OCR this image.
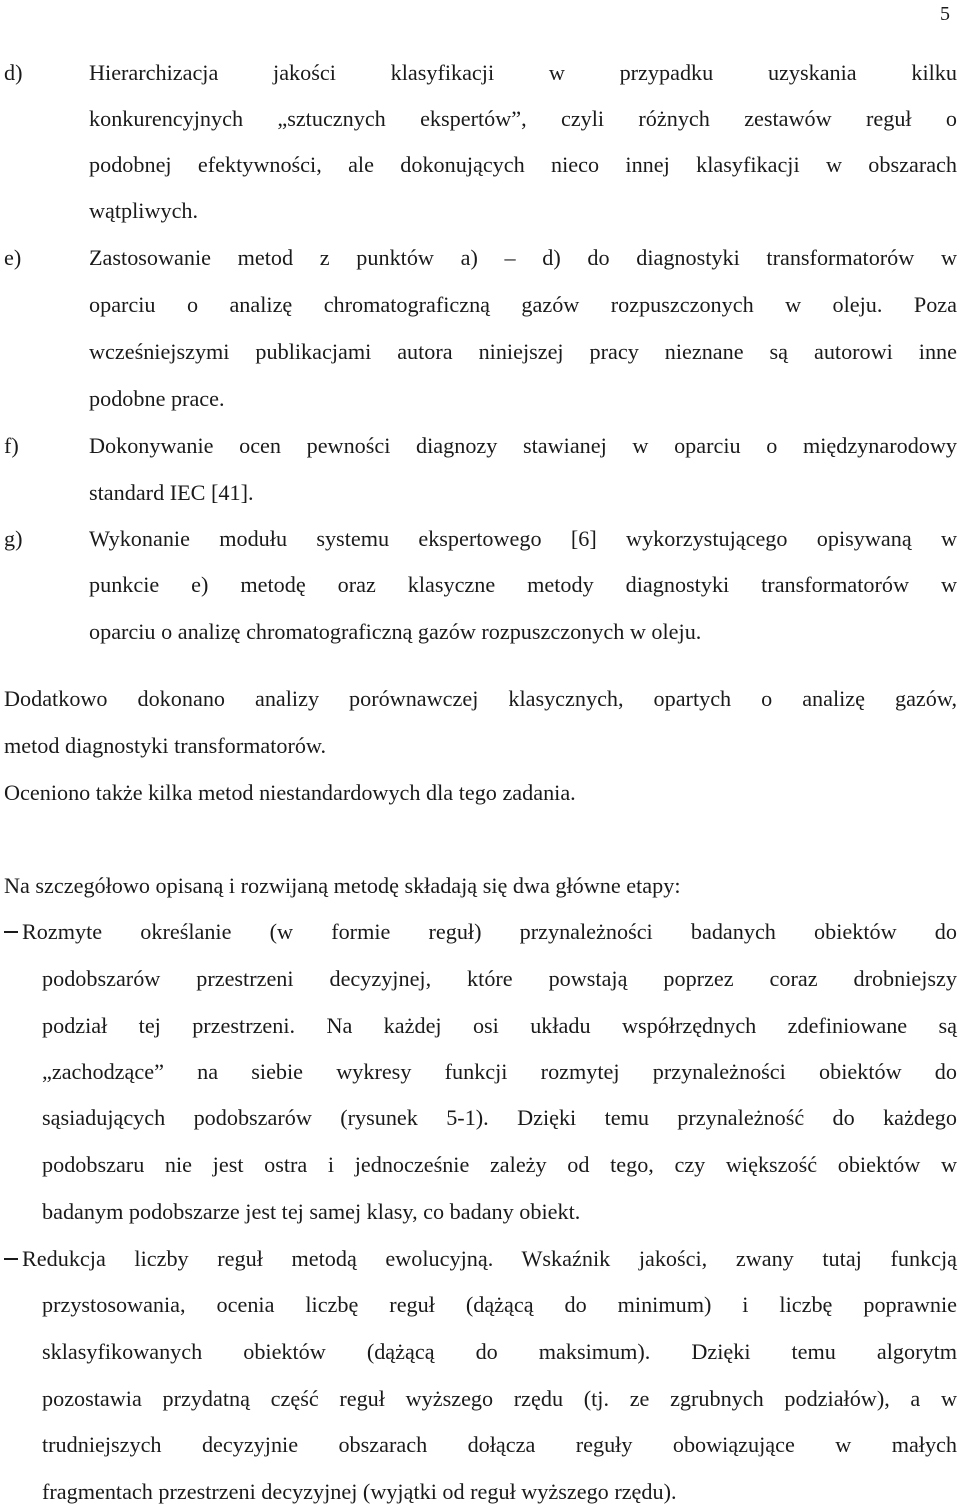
5
d)	Hierarchizacja jakości klasyfikacji w przypadku uzyskania kilku
konkurencyjnych „sztucznych ekspertów”, czyli różnych zestawów reguł o
podobnej efektywności, ale dokonujących nieco innej klasyfikacji w obszarach
wątpliwych.
e)	Zastosowanie metod z punktów a) – d) do diagnostyki transformatorów w
oparciu o analizę chromatograficzną gazów rozpuszczonych w oleju. Poza
wcześniejszymi publikacjami autora niniejszej pracy nieznane są autorowi inne
podobne prace.
f)	Dokonywanie ocen pewności diagnozy stawianej w oparciu o międzynarodowy
standard IEC [41].
g)	Wykonanie modułu systemu ekspertowego [6] wykorzystującego opisywaną w
punkcie e) metodę oraz klasyczne metody diagnostyki transformatorów w
oparciu o analizę chromatograficzną gazów rozpuszczonych w oleju.
Dodatkowo dokonano analizy porównawczej klasycznych, opartych o analizę gazów,
metod diagnostyki transformatorów.
Oceniono także kilka metod niestandardowych dla tego zadania.
Na szczegółowo opisaną i rozwijaną metodę składają się dwa główne etapy:
Rozmyte określanie (w formie reguł) przynależności badanych obiektów do
podobszarów przestrzeni decyzyjnej, które powstają poprzez coraz drobniejszy
podział tej przestrzeni. Na każdej osi układu współrzędnych zdefiniowane są
„zachodzące” na siebie wykresy funkcji rozmytej przynależności obiektów do
sąsiadujących podobszarów (rysunek 5-1). Dzięki temu przynależność do każdego
podobszaru nie jest ostra i jednocześnie zależy od tego, czy większość obiektów w
badanym podobszarze jest tej samej klasy, co badany obiekt.
Redukcja liczby reguł metodą ewolucyjną. Wskaźnik jakości, zwany tutaj funkcją
przystosowania, ocenia liczbę reguł (dążącą do minimum) i liczbę poprawnie
sklasyfikowanych obiektów (dążącą do maksimum). Dzięki temu algorytm
pozostawia przydatną część reguł wyższego rzędu (tj. ze zgrubnych podziałów), a w
trudniejszych decyzyjnie obszarach dołącza reguły obowiązujące w małych
fragmentach przestrzeni decyzyjnej (wyjątki od reguł wyższego rzędu).
